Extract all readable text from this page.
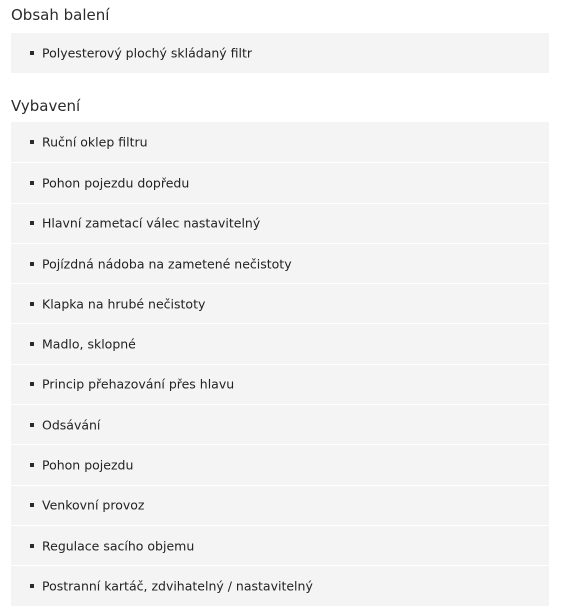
Obsah balení
Polyesterový plochý skládaný filtr
Vybavení
Ruční oklep filtru
Pohon pojezdu dopředu
Hlavní zametací válec nastavitelný
Pojízdná nádoba na zametené nečistoty
Klapka na hrubé nečistoty
Madlo, sklopné
Princip přehazování přes hlavu
Odsávání
Pohon pojezdu
Venkovní provoz
Regulace sacího objemu
Postranní kartáč, zdvihatelný / nastavitelný
